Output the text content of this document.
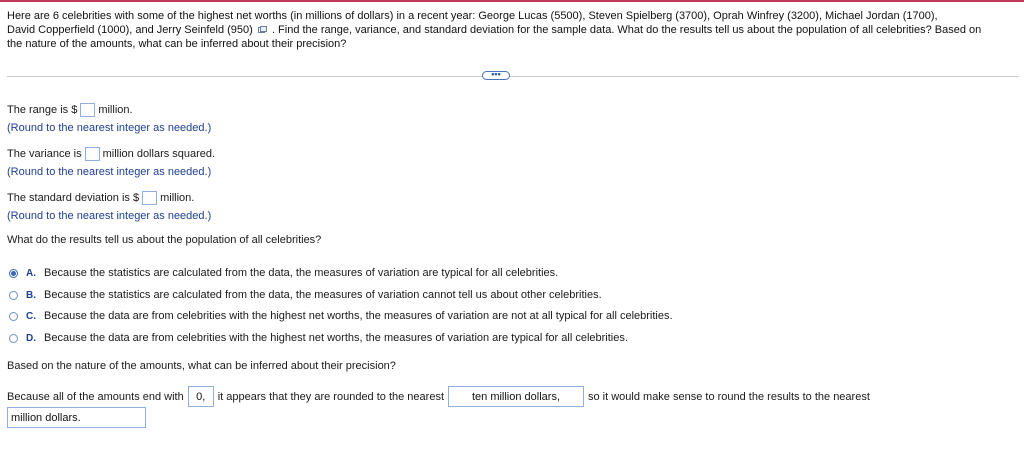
Here are 6 celebrities with some of the highest net worths (in millions of dollars) in a recent year: George Lucas (5500), Steven Spielberg (3700), Oprah Winfrey (3200), Michael Jordan (1700),
David Copperfield (1000), and Jerry Seinfeld (950) . Find the range, variance, and standard deviation for the sample data. What do the results tell us about the population of all celebrities? Based on
the nature of the amounts, what can be inferred about their precision?
•••
The range is $ million.
(Round to the nearest integer as needed.)
The variance is million dollars squared.
(Round to the nearest integer as needed.)
The standard deviation is $ million.
(Round to the nearest integer as needed.)
What do the results tell us about the population of all celebrities?
A. Because the statistics are calculated from the data, the measures of variation are typical for all celebrities.
B. Because the statistics are calculated from the data, the measures of variation cannot tell us about other celebrities.
C. Because the data are from celebrities with the highest net worths, the measures of variation are not at all typical for all celebrities.
D. Because the data are from celebrities with the highest net worths, the measures of variation are typical for all celebrities.
Based on the nature of the amounts, what can be inferred about their precision?
Because all of the amounts end with	0,	it appears that they are rounded to the nearest	ten million dollars,	so it would make sense to round the results to the nearest
million dollars.
